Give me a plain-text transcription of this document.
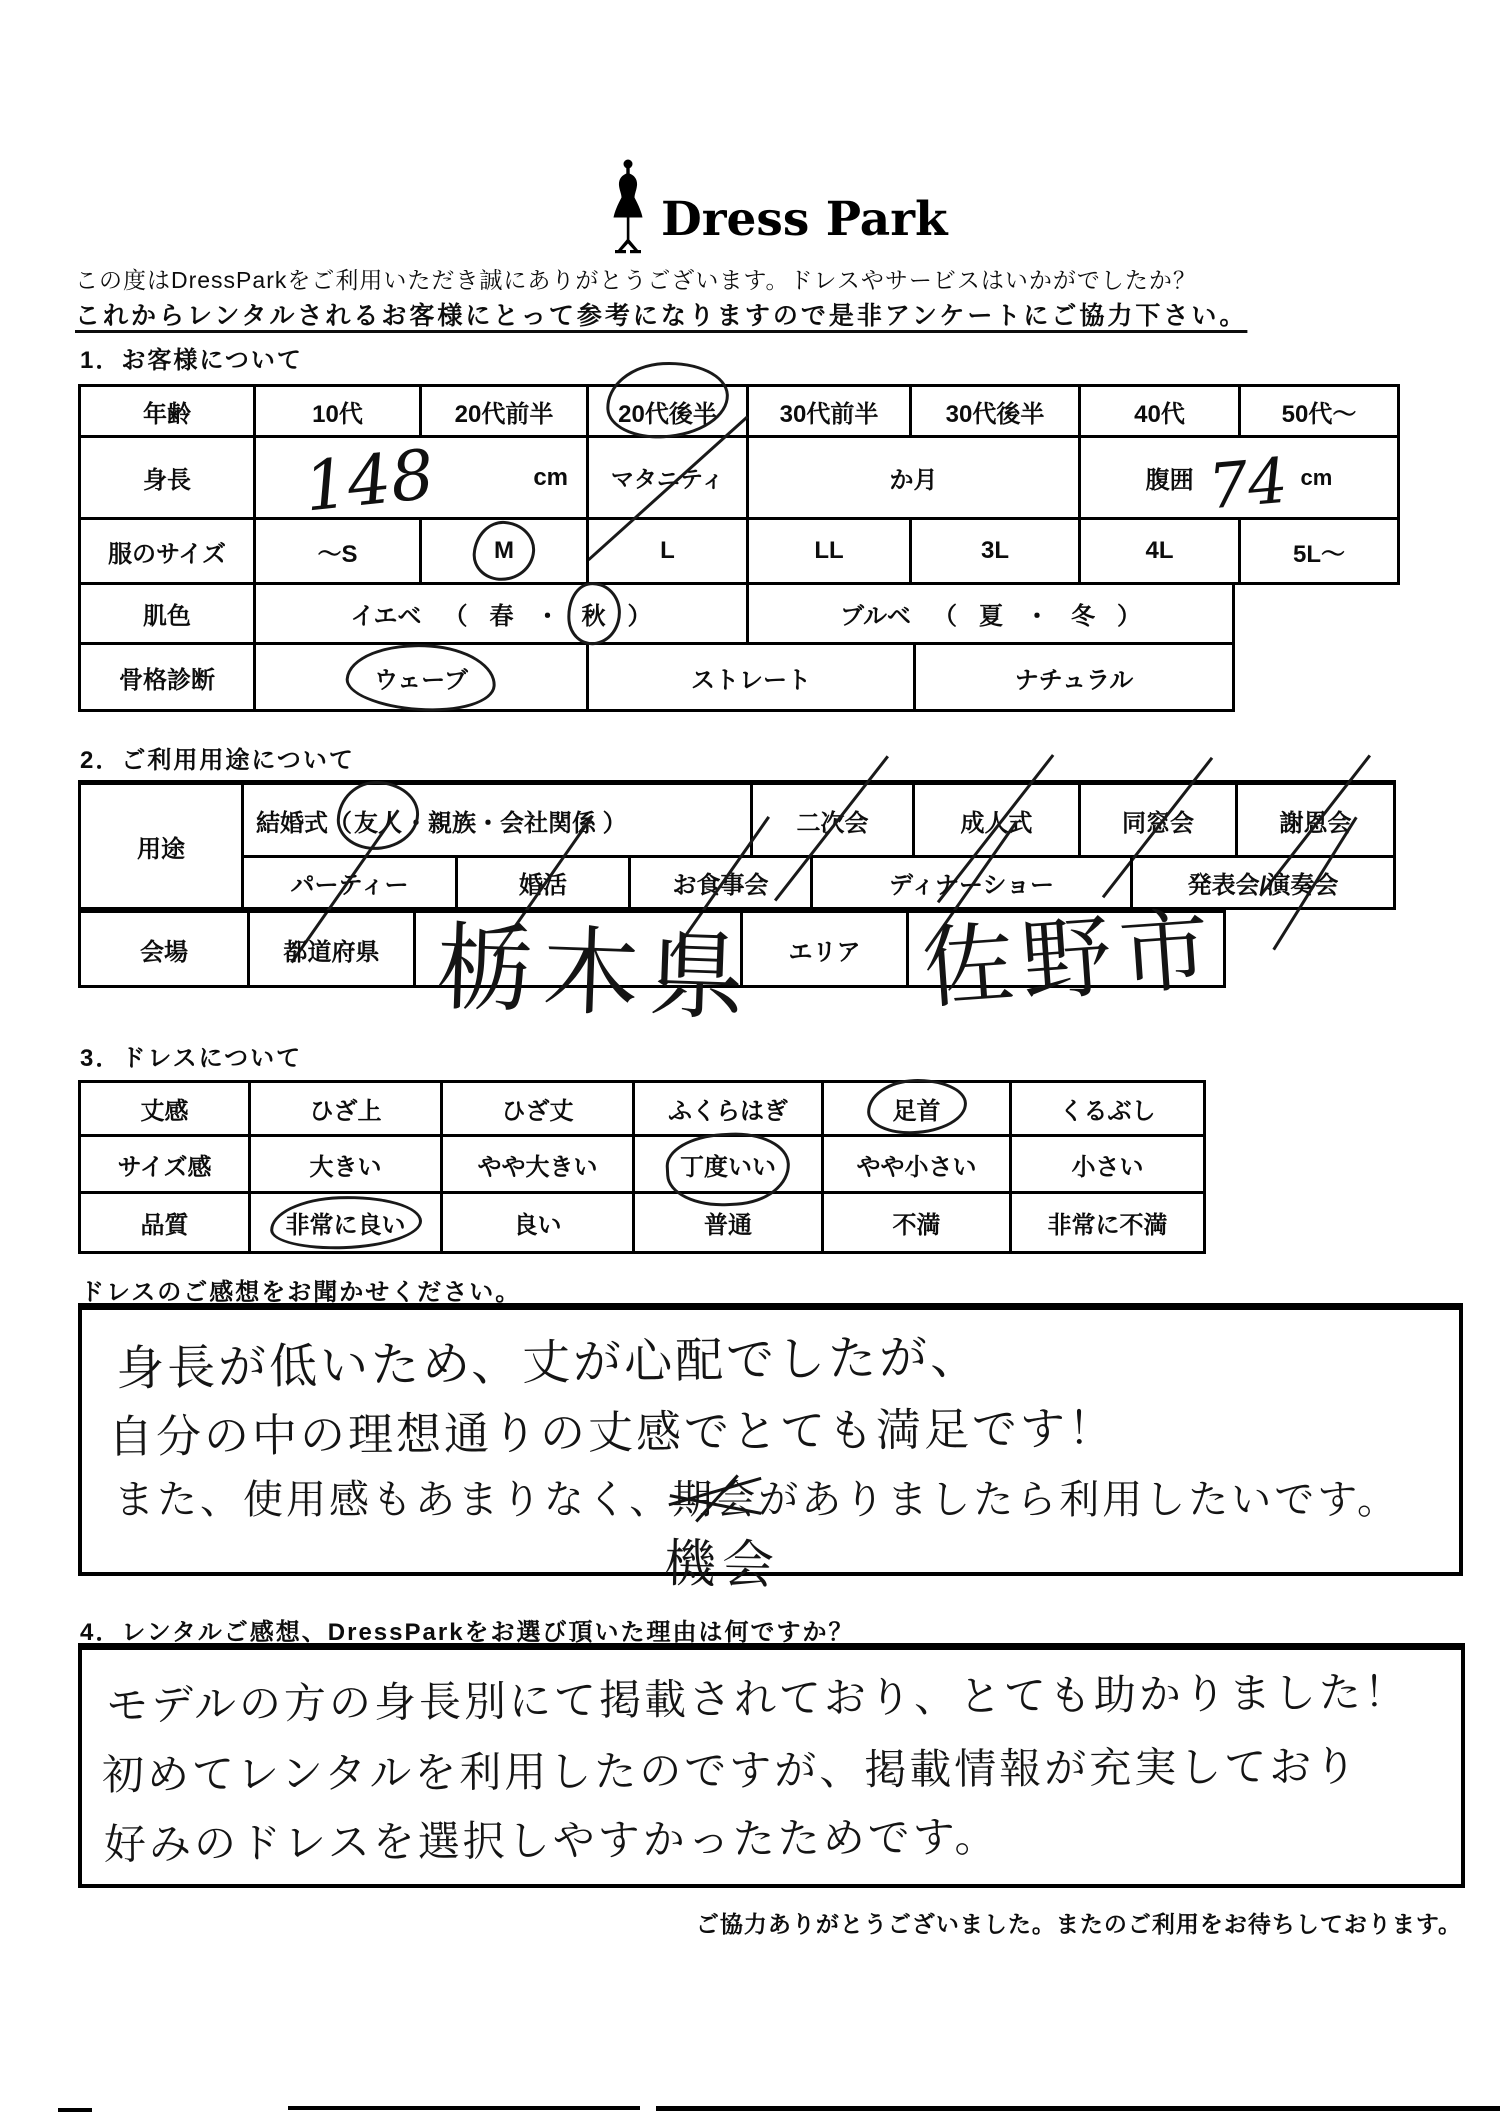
Dress Park
この度はDressParkをご利用いただき誠にありがとうございます。ドレスやサービスはいかがでしたか？
これからレンタルされるお客様にとって参考になりますので是非アンケートにご協力下さい。
1．お客様について
年齢	10代	20代前半	20代後半	30代前半	30代後半	40代	50代～
身長 148	cm マタニティ	か月	腹囲 74 cm
服のサイズ	～S	M	L	LL	3L	4L	5L～
肌色	イエベ （ 春 ・ 秋 ）	ブルベ （ 夏 ・ 冬 ）
骨格診断	ウェーブ	ストレート	ナチュラル
2．ご利用用途について
用途
結婚式（ 友人 ・親族・会社関係 ）	二次会	成人式	同窓会	謝恩会
パーティー	婚活	お食事会	ディナーショー	発表会/演奏会
会場	都道府県 栃木県 エリア 佐野市
3．ドレスについて
丈感	ひざ上	ひざ丈	ふくらはぎ	足首	くるぶし
サイズ感	大きい	やや大きい	丁度いい	やや小さい	小さい
品質	非常に良い	良い	普通	不満	非常に不満
ドレスのご感想をお聞かせください。
身長が低いため、丈が心配でしたが、
自分の中の理想通りの丈感でとても満足です！
また、使用感もあまりなく、期会
機会
がありましたら利用したいです。
4．レンタルご感想、DressParkをお選び頂いた理由は何ですか？
モデルの方の身長別にて掲載されており、とても助かりました！
初めてレンタルを利用したのですが、掲載情報が充実しており
好みのドレスを選択しやすかったためです。
ご協力ありがとうございました。またのご利用をお待ちしております。
